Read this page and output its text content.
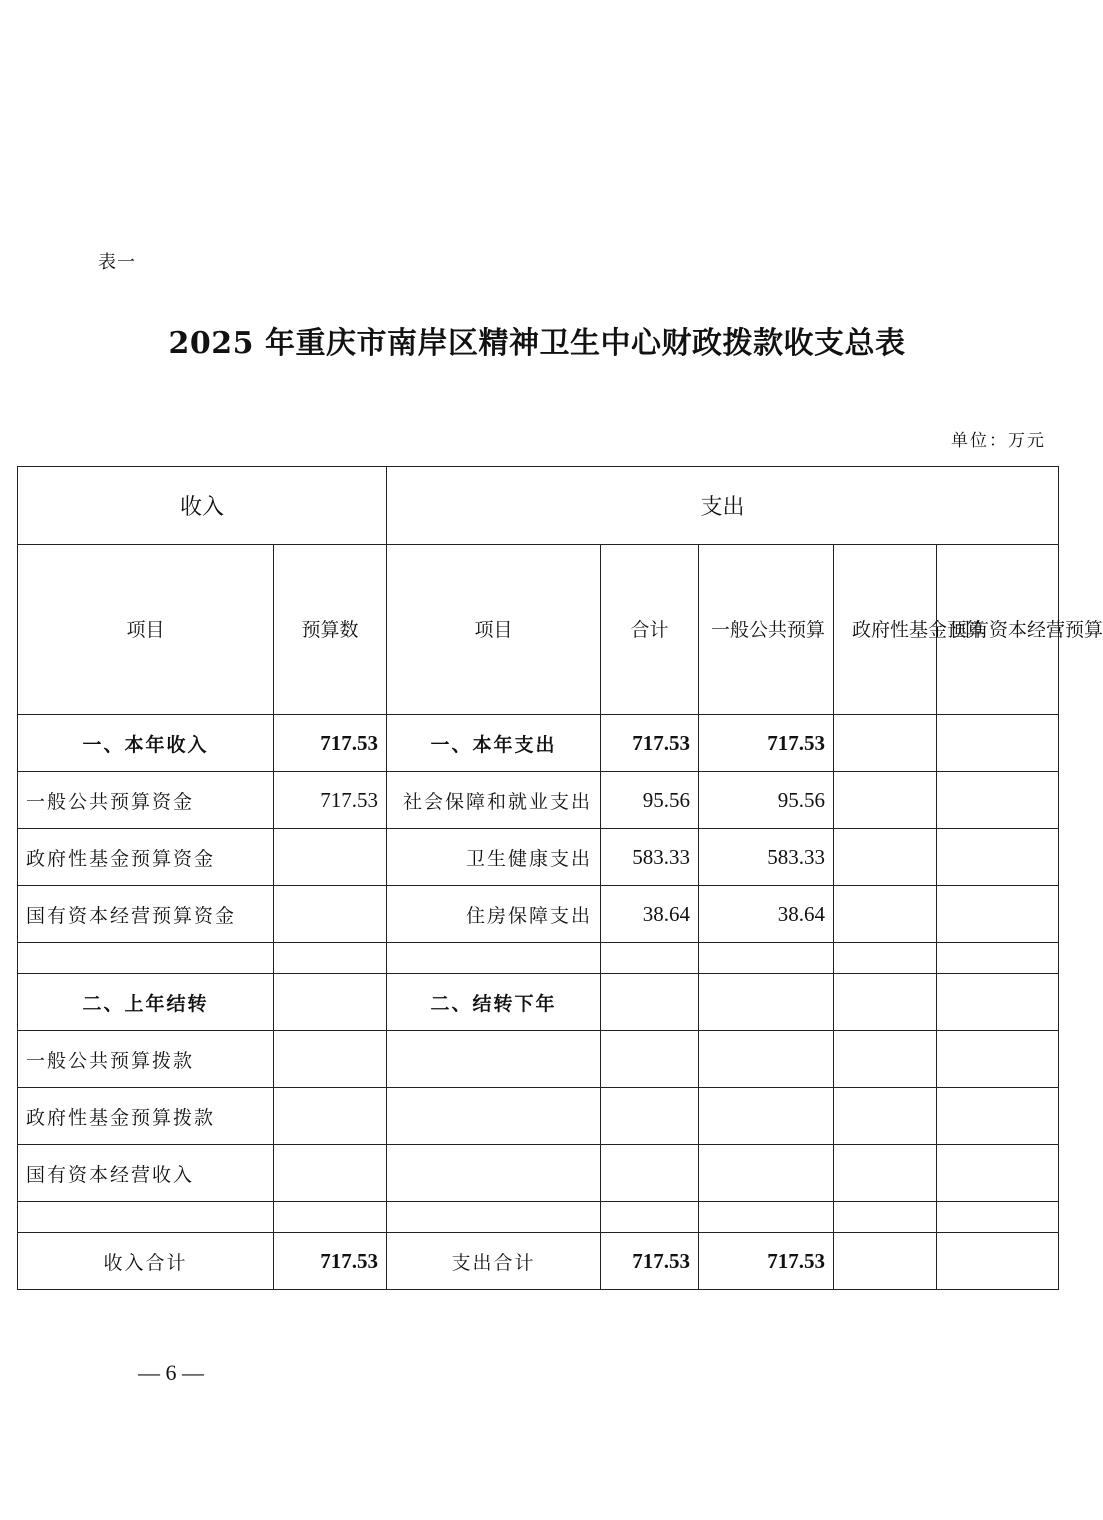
表一
2025 年重庆市南岸区精神卫生中心财政拨款收支总表
单位：万元
收入		支出				
项目	预算数	项目	合计	一般公共预算	政府性基金预算	国有资本经营预算
一、本年收入	717.53	一、本年支出	717.53	717.53		
一般公共预算资金	717.53	社会保障和就业支出	95.56	95.56		
政府性基金预算资金		卫生健康支出	583.33	583.33		
国有资本经营预算资金		住房保障支出	38.64	38.64		

二、上年结转		二、结转下年				
一般公共预算拨款						
政府性基金预算拨款						
国有资本经营收入						

收入合计	717.53	支出合计	717.53	717.53		
— 6 —
